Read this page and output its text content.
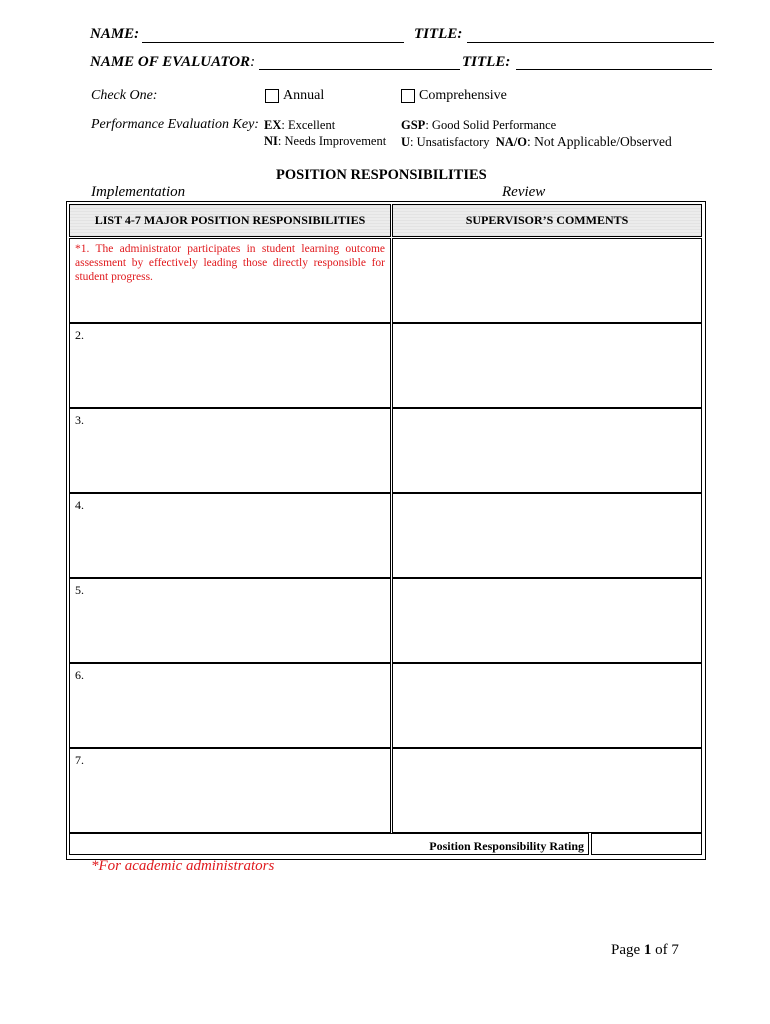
NAME:	TITLE:
NAME OF EVALUATOR:	TITLE:
Check One:	Annual	Comprehensive
Performance Evaluation Key: EX: Excellent	GSP: Good Solid Performance
NI: Needs Improvement U: Unsatisfactory NA/O: Not Applicable/Observed
POSITION RESPONSIBILITIES
Implementation	Review
LIST 4-7 MAJOR POSITION RESPONSIBILITIES	SUPERVISOR’S COMMENTS
*1. The administrator participates in student learning outcome assessment by effectively leading those directly responsible for student progress.
2.
3.
4.
5.
6.
7.
Position Responsibility Rating
*For academic administrators
Page 1 of 7
